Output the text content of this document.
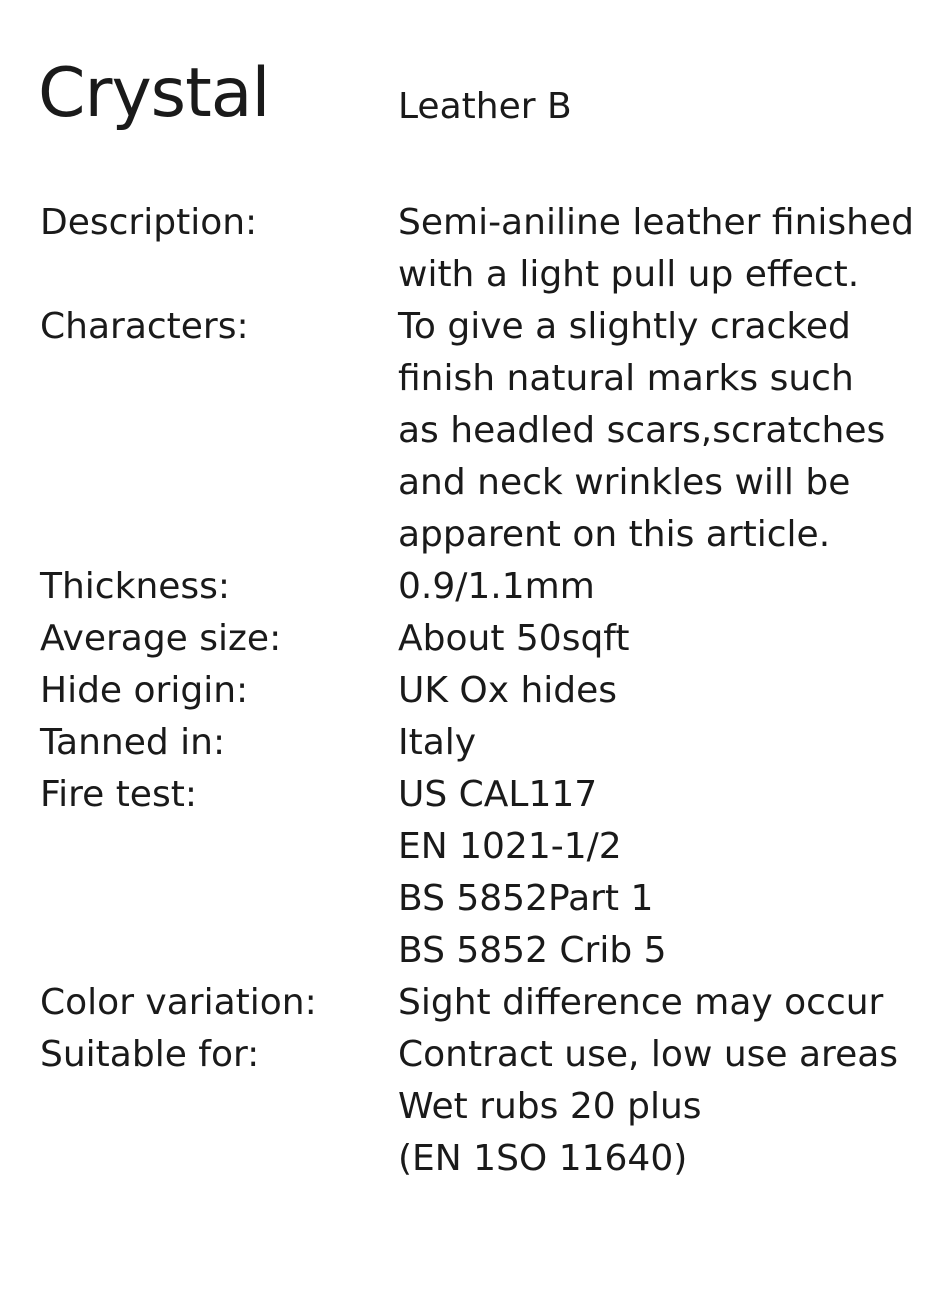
Crystal	Leather B
Description:	Semi-aniline leather finished
with a light pull up effect.
Characters:	To give a slightly cracked
finish natural marks such
as headled scars,scratches
and neck wrinkles will be
apparent on this article.
Thickness:	0.9/1.1mm
Average size:	About 50sqft
Hide origin:	UK Ox hides
Tanned in:	Italy
Fire test:	US CAL117
EN 1021-1/2
BS 5852Part 1
BS 5852 Crib 5
Color variation:	Sight difference may occur
Suitable for:	Contract use, low use areas
Wet rubs 20 plus
(EN 1SO 11640)
